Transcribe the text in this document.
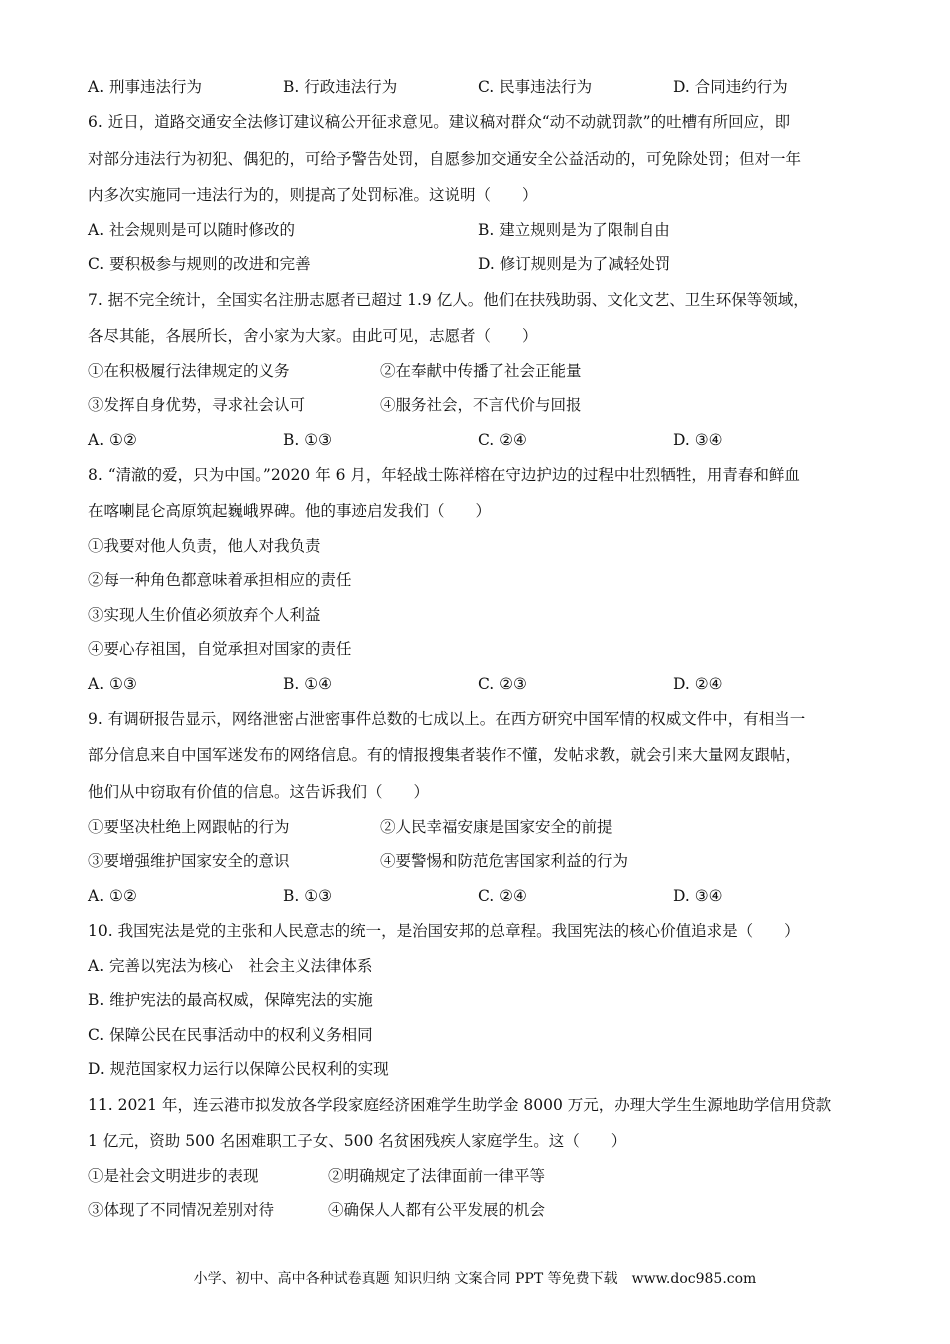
A. 刑事违法行为	B. 行政违法行为	C. 民事违法行为	D. 合同违约行为
6. 近日，道路交通安全法修订建议稿公开征求意见。建议稿对群众“动不动就罚款”的吐槽有所回应，即
对部分违法行为初犯、偶犯的，可给予警告处罚，自愿参加交通安全公益活动的，可免除处罚；但对一年
内多次实施同一违法行为的，则提高了处罚标准。这说明（　　）
A. 社会规则是可以随时修改的	B. 建立规则是为了限制自由
C. 要积极参与规则的改进和完善	D. 修订规则是为了减轻处罚
7. 据不完全统计，全国实名注册志愿者已超过 1.9 亿人。他们在扶残助弱、文化文艺、卫生环保等领域，
各尽其能，各展所长，舍小家为大家。由此可见，志愿者（　　）
①在积极履行法律规定的义务	②在奉献中传播了社会正能量
③发挥自身优势，寻求社会认可	④服务社会，不言代价与回报
A. ①②	B. ①③	C. ②④	D. ③④
8. “清澈的爱，只为中国。”2020 年 6 月，年轻战士陈祥榕在守边护边的过程中壮烈牺牲，用青春和鲜血
在喀喇昆仑高原筑起巍峨界碑。他的事迹启发我们（　　）
①我要对他人负责，他人对我负责
②每一种角色都意味着承担相应的责任
③实现人生价值必须放弃个人利益
④要心存祖国，自觉承担对国家的责任
A. ①③	B. ①④	C. ②③	D. ②④
9. 有调研报告显示，网络泄密占泄密事件总数的七成以上。在西方研究中国军情的权威文件中，有相当一
部分信息来自中国军迷发布的网络信息。有的情报搜集者装作不懂，发帖求教，就会引来大量网友跟帖，
他们从中窃取有价值的信息。这告诉我们（　　）
①要坚决杜绝上网跟帖的行为	②人民幸福安康是国家安全的前提
③要增强维护国家安全的意识	④要警惕和防范危害国家利益的行为
A. ①②	B. ①③	C. ②④	D. ③④
10. 我国宪法是党的主张和人民意志的统一，是治国安邦的总章程。我国宪法的核心价值追求是（　　）
A. 完善以宪法为核心　社会主义法律体系
B. 维护宪法的最高权威，保障宪法的实施
C. 保障公民在民事活动中的权利义务相同
D. 规范国家权力运行以保障公民权利的实现
11. 2021 年，连云港市拟发放各学段家庭经济困难学生助学金 8000 万元，办理大学生生源地助学信用贷款
1 亿元，资助 500 名困难职工子女、500 名贫困残疾人家庭学生。这（　　）
①是社会文明进步的表现	②明确规定了法律面前一律平等
③体现了不同情况差别对待	④确保人人都有公平发展的机会
小学、初中、高中各种试卷真题 知识归纳 文案合同 PPT 等免费下载　www.doc985.com
